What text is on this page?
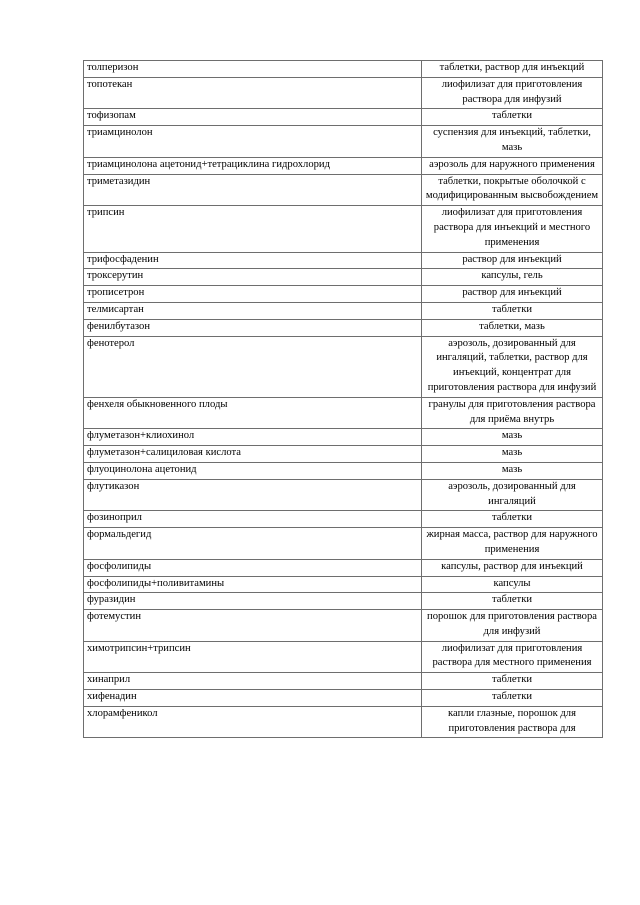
толперизон	таблетки, раствор для инъекций
топотекан	лиофилизат для приготовления раствора для инфузий
тофизопам	таблетки
триамцинолон	суспензия для инъекций, таблетки, мазь
триамцинолона ацетонид+тетрациклина гидрохлорид	аэрозоль для наружного применения
триметазидин	таблетки, покрытые оболочкой с модифицированным высвобождением
трипсин	лиофилизат для приготовления раствора для инъекций и местного применения
трифосфаденин	раствор для инъекций
троксерутин	капсулы, гель
трописетрон	раствор для инъекций
телмисартан	таблетки
фенилбутазон	таблетки, мазь
фенотерол	аэрозоль, дозированный для ингаляций, таблетки, раствор для инъекций, концентрат для приготовления раствора для инфузий
фенхеля обыкновенного плоды	гранулы для приготовления раствора для приёма внутрь
флуметазон+клиохинол	мазь
флуметазон+салициловая кислота	мазь
флуоцинолона ацетонид	мазь
флутиказон	аэрозоль, дозированный для ингаляций
фозиноприл	таблетки
формальдегид	жирная масса, раствор для наружного применения
фосфолипиды	капсулы, раствор для инъекций
фосфолипиды+поливитамины	капсулы
фуразидин	таблетки
фотемустин	порошок для приготовления раствора для инфузий
химотрипсин+трипсин	лиофилизат для приготовления раствора для местного применения
хинаприл	таблетки
хифенадин	таблетки
хлорамфеникол	капли глазные, порошок для приготовления раствора для
